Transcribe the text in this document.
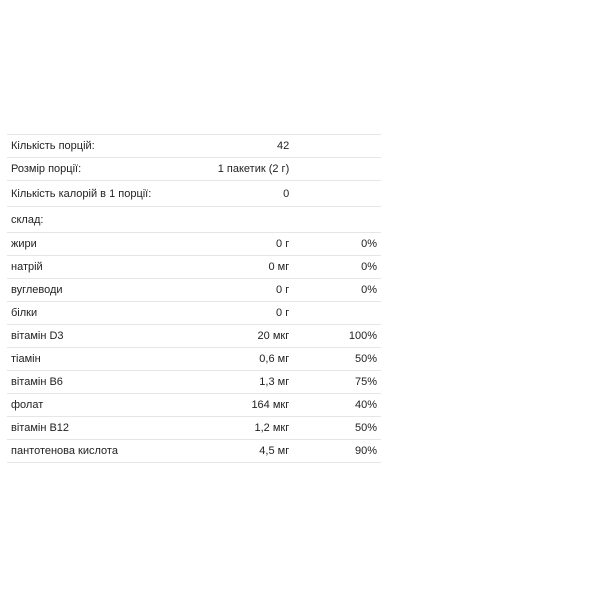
Кількість порцій:	42	
Розмір порції:	1 пакетик (2 г)	
Кількість калорій в 1 порції:	0	
склад:		
жири	0 г	0%
натрій	0 мг	0%
вуглеводи	0 г	0%
білки	0 г	
вітамін D3	20 мкг	100%
тіамін	0,6 мг	50%
вітамін B6	1,3 мг	75%
фолат	164 мкг	40%
вітамін B12	1,2 мкг	50%
пантотенова кислота	4,5 мг	90%
